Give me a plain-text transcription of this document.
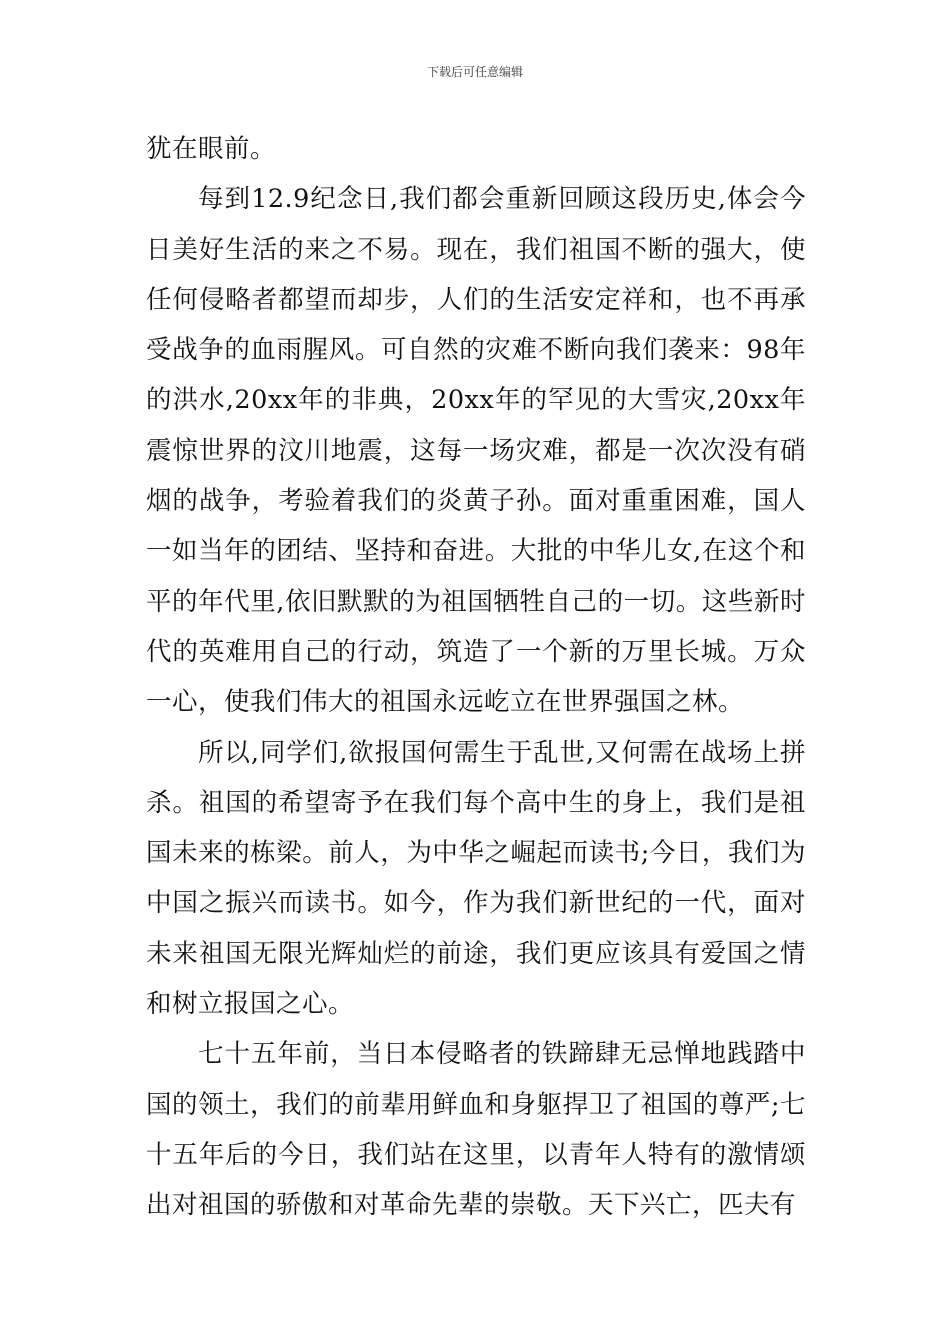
下载后可任意编辑

犹在眼前。

每到12.9纪念日,我们都会重新回顾这段历史,体会今日美好生活的来之不易。现在，我们祖国不断的强大，使任何侵略者都望而却步，人们的生活安定祥和，也不再承受战争的血雨腥风。可自然的灾难不断向我们袭来：98年的洪水,20xx年的非典，20xx年的罕见的大雪灾,20xx年震惊世界的汶川地震，这每一场灾难，都是一次次没有硝烟的战争，考验着我们的炎黄子孙。面对重重困难，国人一如当年的团结、坚持和奋进。大批的中华儿女,在这个和平的年代里,依旧默默的为祖国牺牲自己的一切。这些新时代的英难用自己的行动，筑造了一个新的万里长城。万众一心，使我们伟大的祖国永远屹立在世界强国之林。

所以,同学们,欲报国何需生于乱世,又何需在战场上拼杀。祖国的希望寄予在我们每个高中生的身上，我们是祖国未来的栋梁。前人，为中华之崛起而读书;今日，我们为中国之振兴而读书。如今，作为我们新世纪的一代，面对未来祖国无限光辉灿烂的前途，我们更应该具有爱国之情和树立报国之心。

七十五年前，当日本侵略者的铁蹄肆无忌惮地践踏中国的领土，我们的前辈用鲜血和身躯捍卫了祖国的尊严;七十五年后的今日，我们站在这里，以青年人特有的激情颂出对祖国的骄傲和对革命先辈的崇敬。天下兴亡，匹夫有
